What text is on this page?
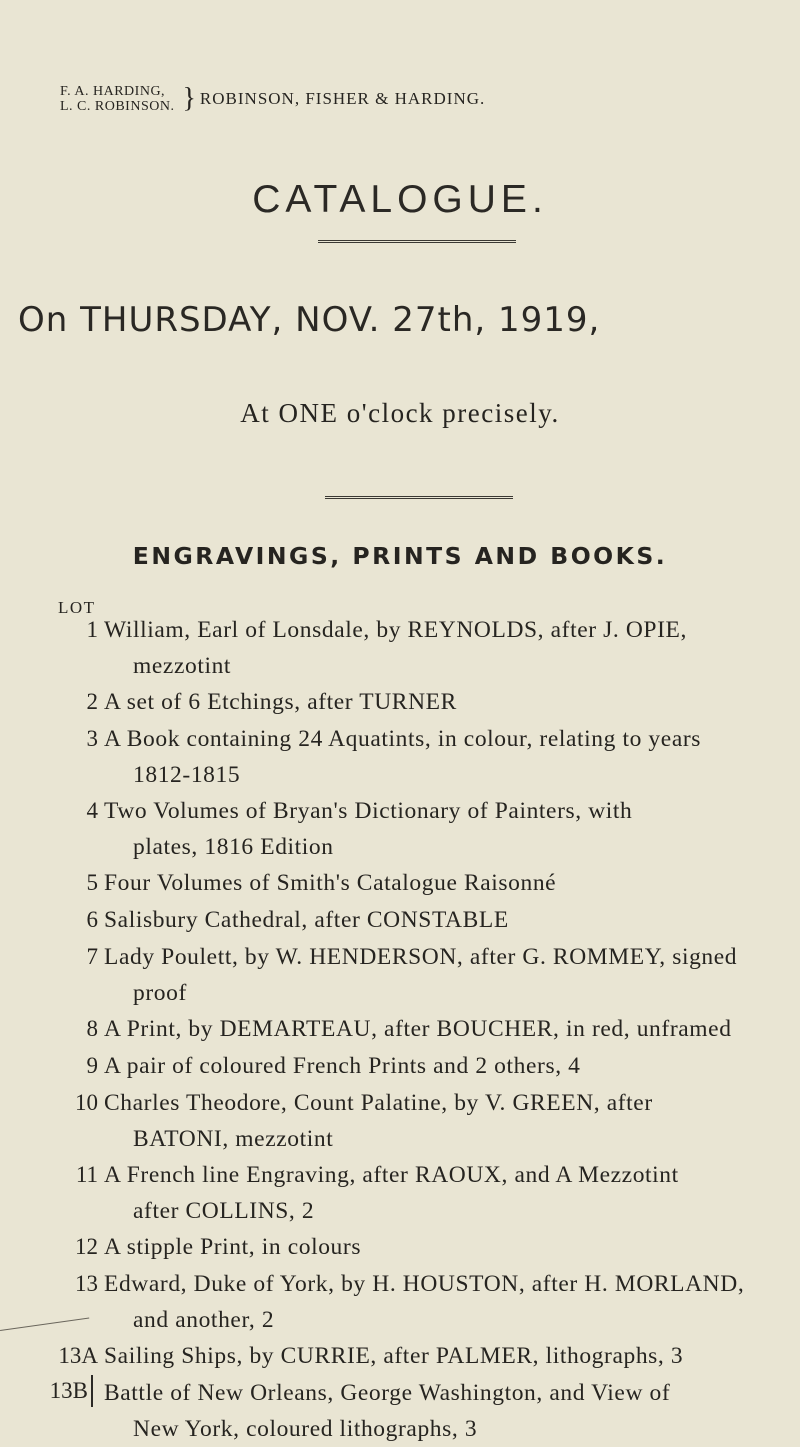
F. A. HARDING,
L. C. ROBINSON. } ROBINSON, FISHER & HARDING.
CATALOGUE.
On THURSDAY, NOV. 27th, 1919,
At ONE o'clock precisely.
ENGRAVINGS, PRINTS AND BOOKS.
LOT
1 William, Earl of Lonsdale, by REYNOLDS, after J. OPIE,
mezzotint
2 A set of 6 Etchings, after TURNER
3 A Book containing 24 Aquatints, in colour, relating to years
1812-1815
4 Two Volumes of Bryan's Dictionary of Painters, with
plates, 1816 Edition
5 Four Volumes of Smith's Catalogue Raisonné
6 Salisbury Cathedral, after CONSTABLE
7 Lady Poulett, by W. HENDERSON, after G. ROMMEY, signed
proof
8 A Print, by DEMARTEAU, after BOUCHER, in red, unframed
9 A pair of coloured French Prints and 2 others, 4
10 Charles Theodore, Count Palatine, by V. GREEN, after
BATONI, mezzotint
11 A French line Engraving, after RAOUX, and A Mezzotint
after COLLINS, 2
12 A stipple Print, in colours
13 Edward, Duke of York, by H. HOUSTON, after H. MORLAND,
and another, 2
13A Sailing Ships, by CURRIE, after PALMER, lithographs, 3
13B Battle of New Orleans, George Washington, and View of
New York, coloured lithographs, 3
